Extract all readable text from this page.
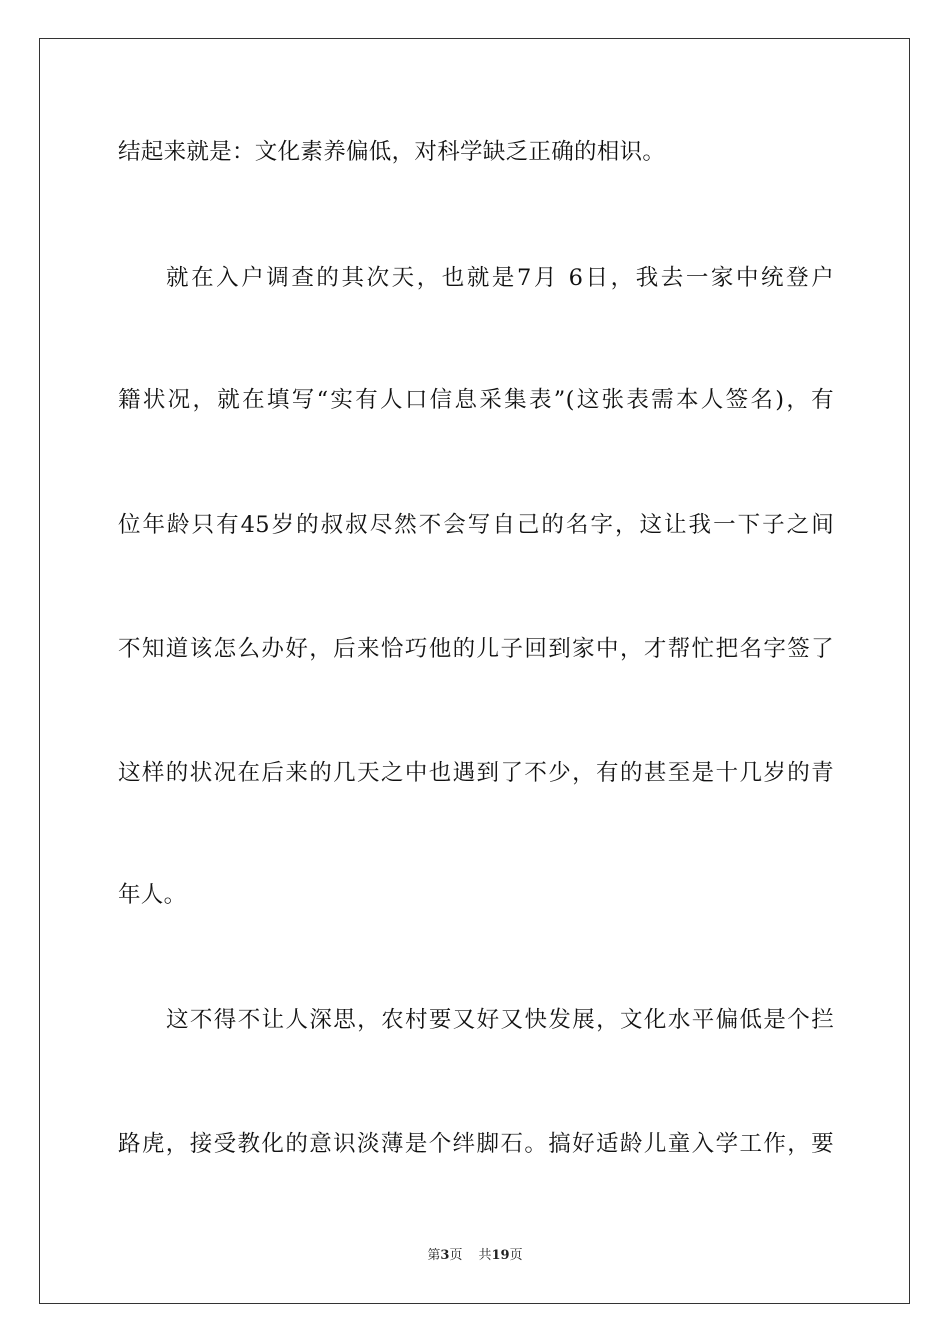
结起来就是：文化素养偏低，对科学缺乏正确的相识。
就在入户调查的其次天，也就是7月 6日，我去一家中统登户
籍状况，就在填写“实有人口信息采集表”(这张表需本人签名)，有
位年龄只有45岁的叔叔尽然不会写自己的名字，这让我一下子之间
不知道该怎么办好，后来恰巧他的儿子回到家中，才帮忙把名字签了
这样的状况在后来的几天之中也遇到了不少，有的甚至是十几岁的青
年人。
这不得不让人深思，农村要又好又快发展，文化水平偏低是个拦
路虎，接受教化的意识淡薄是个绊脚石。搞好适龄儿童入学工作，要
第3页 共19页
